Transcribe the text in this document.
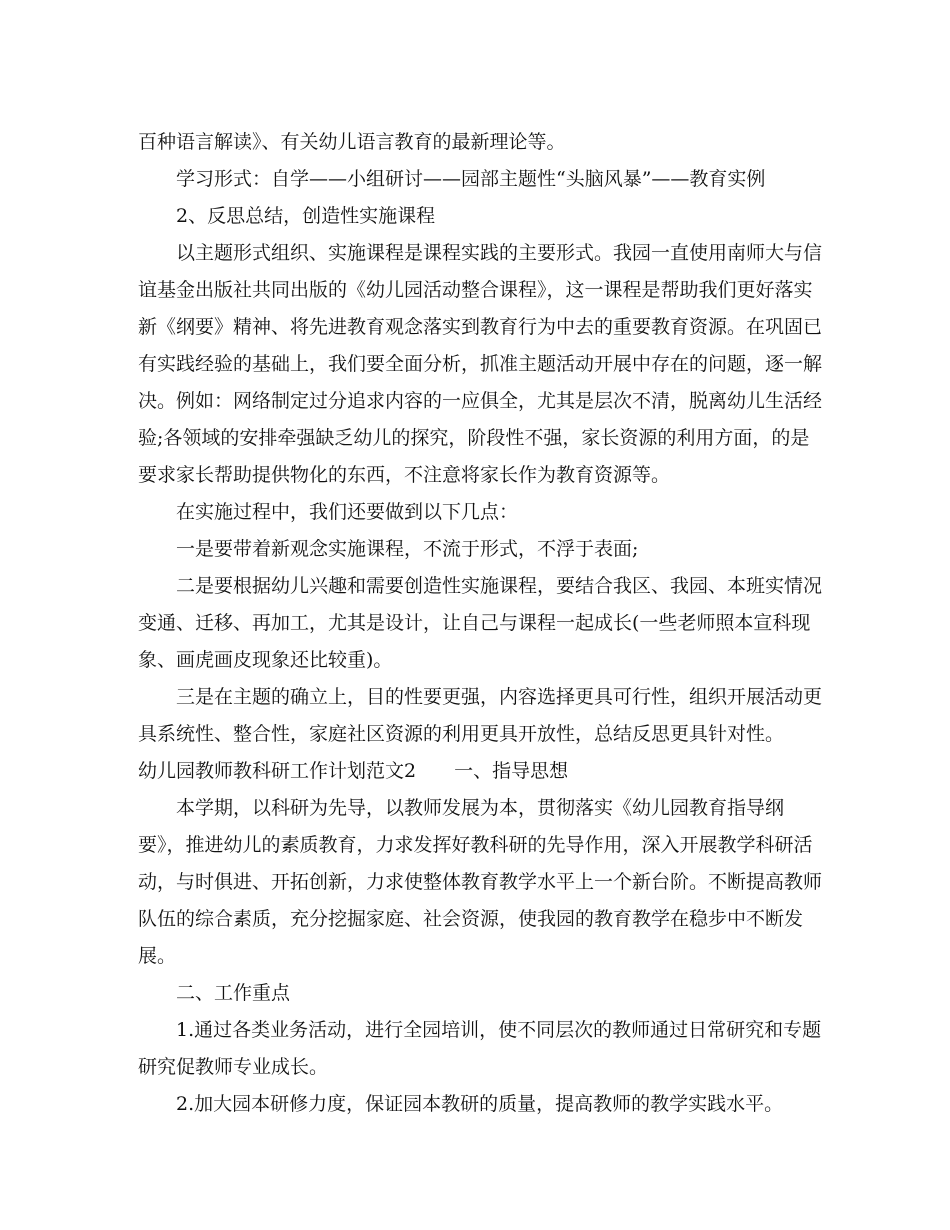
百种语言解读》、有关幼儿语言教育的最新理论等。
学习形式：自学——小组研讨——园部主题性“头脑风暴”——教育实例
2、反思总结，创造性实施课程
以主题形式组织、实施课程是课程实践的主要形式。我园一直使用南师大与信
谊基金出版社共同出版的《幼儿园活动整合课程》，这一课程是帮助我们更好落实
新《纲要》精神、将先进教育观念落实到教育行为中去的重要教育资源。在巩固已
有实践经验的基础上，我们要全面分析，抓准主题活动开展中存在的问题，逐一解
决。例如：网络制定过分追求内容的一应俱全，尤其是层次不清，脱离幼儿生活经
验;各领域的安排牵强缺乏幼儿的探究，阶段性不强，家长资源的利用方面，的是
要求家长帮助提供物化的东西，不注意将家长作为教育资源等。
在实施过程中，我们还要做到以下几点：
一是要带着新观念实施课程，不流于形式，不浮于表面;
二是要根据幼儿兴趣和需要创造性实施课程，要结合我区、我园、本班实情况
变通、迁移、再加工，尤其是设计，让自己与课程一起成长(一些老师照本宣科现
象、画虎画皮现象还比较重)。
三是在主题的确立上，目的性要更强，内容选择更具可行性，组织开展活动更
具系统性、整合性，家庭社区资源的利用更具开放性，总结反思更具针对性。
幼儿园教师教科研工作计划范文2　　一、指导思想
本学期，以科研为先导，以教师发展为本，贯彻落实《幼儿园教育指导纲
要》，推进幼儿的素质教育，力求发挥好教科研的先导作用，深入开展教学科研活
动，与时俱进、开拓创新，力求使整体教育教学水平上一个新台阶。不断提高教师
队伍的综合素质，充分挖掘家庭、社会资源，使我园的教育教学在稳步中不断发
展。
二、工作重点
1.通过各类业务活动，进行全园培训，使不同层次的教师通过日常研究和专题
研究促教师专业成长。
2.加大园本研修力度，保证园本教研的质量，提高教师的教学实践水平。
